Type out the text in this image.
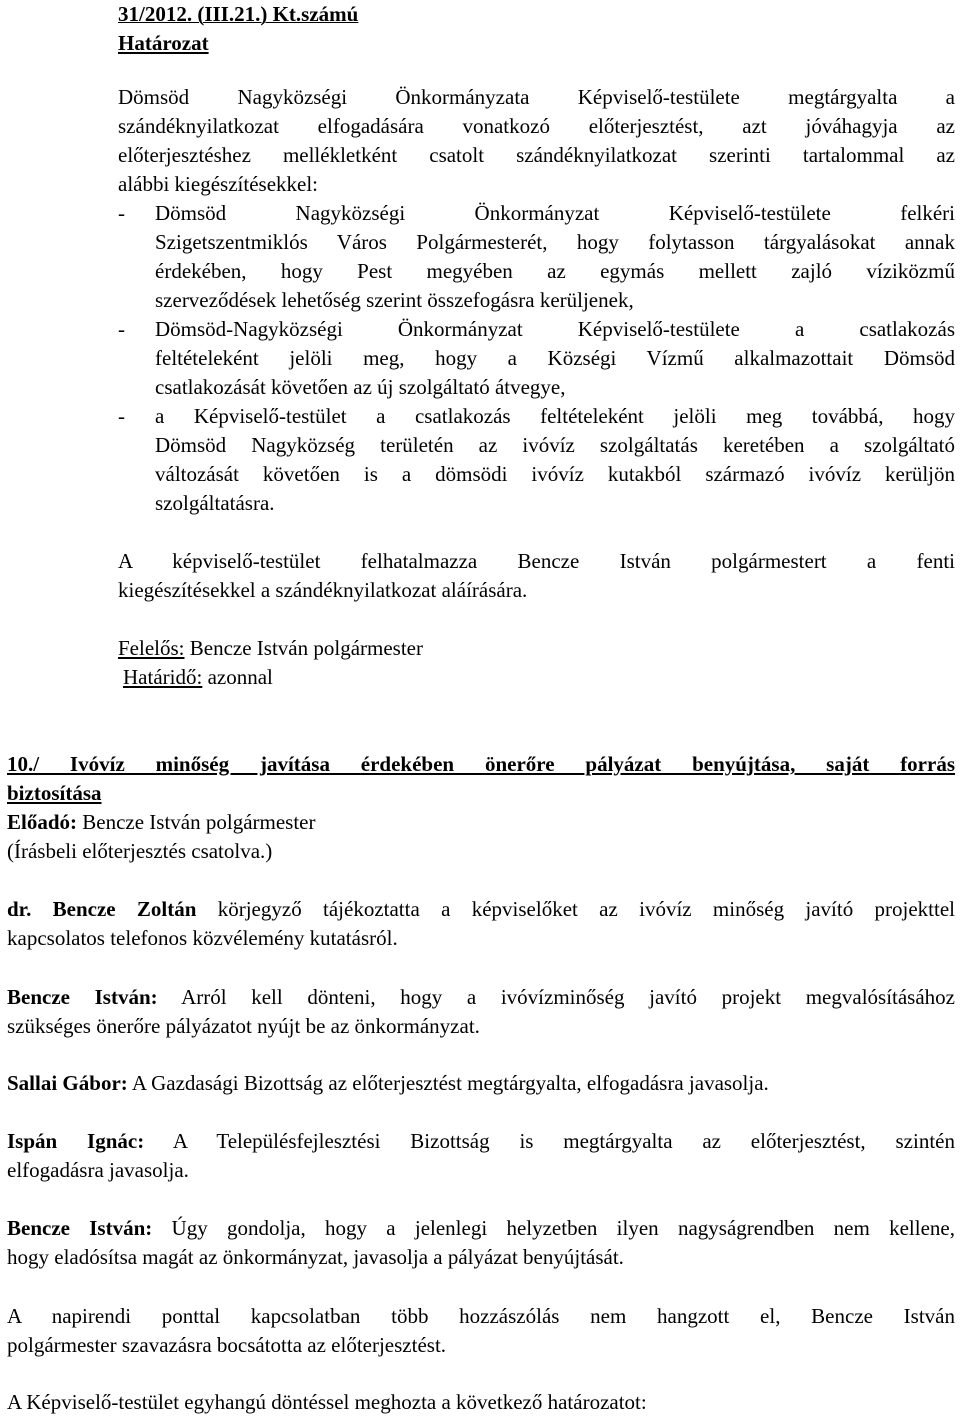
31/2012. (III.21.) Kt.számú
Határozat
Dömsöd Nagyközségi Önkormányzata Képviselő-testülete megtárgyalta a
szándéknyilatkozat elfogadására vonatkozó előterjesztést, azt jóváhagyja az
előterjesztéshez mellékletként csatolt szándéknyilatkozat szerinti tartalommal az
alábbi kiegészítésekkel:
- Dömsöd Nagyközségi Önkormányzat Képviselő-testülete felkéri
Szigetszentmiklós Város Polgármesterét, hogy folytasson tárgyalásokat annak
érdekében, hogy Pest megyében az egymás mellett zajló víziközmű
szerveződések lehetőség szerint összefogásra kerüljenek,
- Dömsöd-Nagyközségi Önkormányzat Képviselő-testülete a csatlakozás
feltételeként jelöli meg, hogy a Községi Vízmű alkalmazottait Dömsöd
csatlakozását követően az új szolgáltató átvegye,
- a Képviselő-testület a csatlakozás feltételeként jelöli meg továbbá, hogy
Dömsöd Nagyközség területén az ivóvíz szolgáltatás keretében a szolgáltató
változását követően is a dömsödi ivóvíz kutakból származó ivóvíz kerüljön
szolgáltatásra.
A képviselő-testület felhatalmazza Bencze István polgármestert a fenti
kiegészítésekkel a szándéknyilatkozat aláírására.
Felelős: Bencze István polgármester
Határidő: azonnal
10./ Ivóvíz minőség javítása érdekében önerőre pályázat benyújtása, saját forrás
biztosítása
Előadó: Bencze István polgármester
(Írásbeli előterjesztés csatolva.)
dr. Bencze Zoltán körjegyző tájékoztatta a képviselőket az ivóvíz minőség javító projekttel
kapcsolatos telefonos közvélemény kutatásról.
Bencze István: Arról kell dönteni, hogy a ivóvízminőség javító projekt megvalósításához
szükséges önerőre pályázatot nyújt be az önkormányzat.
Sallai Gábor: A Gazdasági Bizottság az előterjesztést megtárgyalta, elfogadásra javasolja.
Ispán Ignác: A Településfejlesztési Bizottság is megtárgyalta az előterjesztést, szintén
elfogadásra javasolja.
Bencze István: Úgy gondolja, hogy a jelenlegi helyzetben ilyen nagyságrendben nem kellene,
hogy eladósítsa magát az önkormányzat, javasolja a pályázat benyújtását.
A napirendi ponttal kapcsolatban több hozzászólás nem hangzott el, Bencze István
polgármester szavazásra bocsátotta az előterjesztést.
A Képviselő-testület egyhangú döntéssel meghozta a következő határozatot:
